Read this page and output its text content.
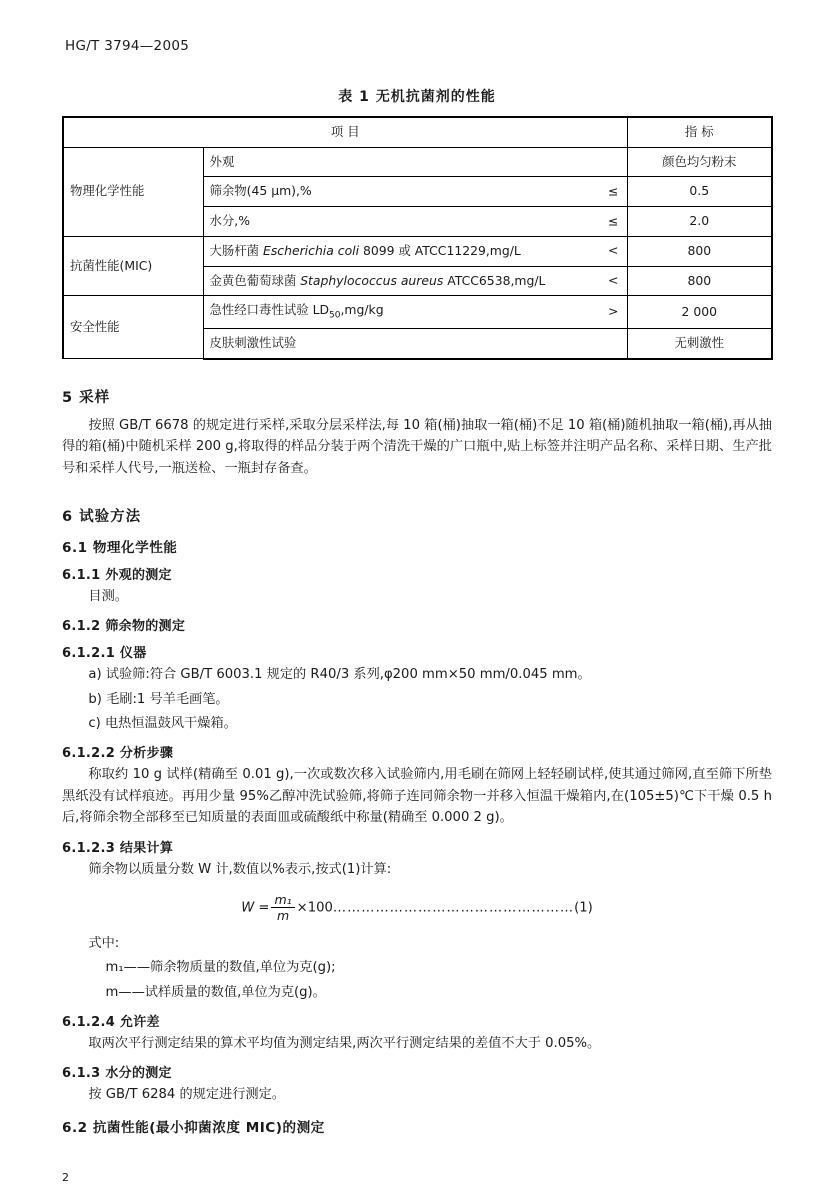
HG/T 3794—2005
表 1 无机抗菌剂的性能
项 目		指 标
物理化学性能	外观	颜色均匀粉末
	筛余物(45 μm),% ≤	0.5
	水分,% ≤	2.0
抗菌性能(MIC)	大肠杆菌 Escherichia coli 8099 或 ATCC11229,mg/L <	800
	金黄色葡萄球菌 Staphylococcus aureus ATCC6538,mg/L <	800
安全性能	急性经口毒性试验 $LD_{50},mg/kg$ >	2 000
	皮肤刺激性试验	无刺激性
5 采样

按照 GB/T 6678 的规定进行采样,采取分层采样法,每 10 箱(桶)抽取一箱(桶)不足 10 箱(桶)随机抽取一箱(桶),再从抽得的箱(桶)中随机采样 200 g,将取得的样品分装于两个清洗干燥的广口瓶中,贴上标签并注明产品名称、采样日期、生产批号和采样人代号,一瓶送检、一瓶封存备查。

6 试验方法
6.1 物理化学性能
6.1.1 外观的测定

目测。

6.1.2 筛余物的测定
6.1.2.1 仪器

a) 试验筛:符合 GB/T 6003.1 规定的 R40/3 系列,φ200 mm×50 mm/0.045 mm。

b) 毛刷:1 号羊毛画笔。

c) 电热恒温鼓风干燥箱。

6.1.2.2 分析步骤

称取约 10 g 试样(精确至 0.01 g),一次或数次移入试验筛内,用毛刷在筛网上轻轻刷试样,使其通过筛网,直至筛下所垫黑纸没有试样痕迹。再用少量 95%乙醇冲洗试验筛,将筛子连同筛余物一并移入恒温干燥箱内,在(105±5)℃下干燥 0.5 h 后,将筛余物全部移至已知质量的表面皿或硫酸纸中称量(精确至 0.000 2 g)。

6.1.2.3 结果计算

筛余物以质量分数 W 计,数值以%表示,按式(1)计算:

$W = \frac{\text{m₁}}{m}$ ×100……………………………………………(1)

式中:

m₁——筛余物质量的数值,单位为克(g);

m——试样质量的数值,单位为克(g)。

6.1.2.4 允许差

取两次平行测定结果的算术平均值为测定结果,两次平行测定结果的差值不大于 0.05%。

6.1.3 水分的测定

按 GB/T 6284 的规定进行测定。

6.2 抗菌性能(最小抑菌浓度 MIC)的测定
2
